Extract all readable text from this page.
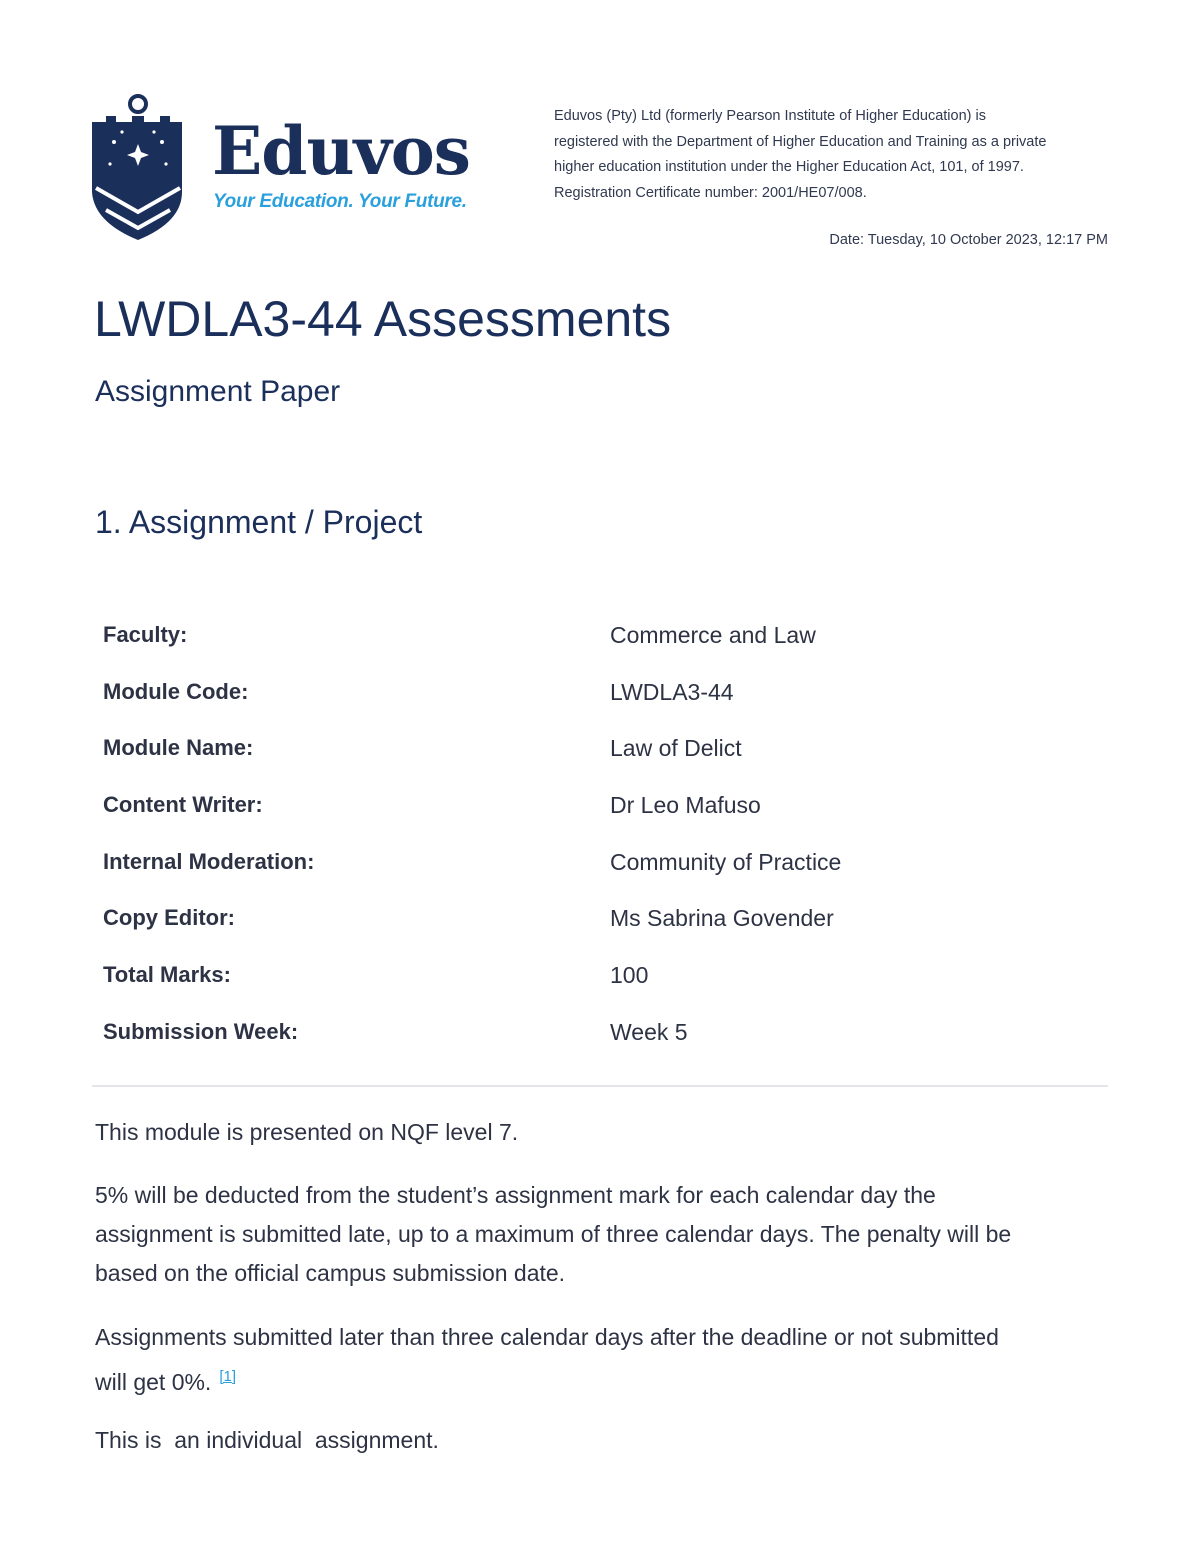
Eduvos
Your Education. Your Future.
Eduvos (Pty) Ltd (formerly Pearson Institute of Higher Education) is
registered with the Department of Higher Education and Training as a private
higher education institution under the Higher Education Act, 101, of 1997.
Registration Certificate number: 2001/HE07/008.
Date: Tuesday, 10 October 2023, 12:17 PM
LWDLA3-44 Assessments
Assignment Paper
1. Assignment / Project
Faculty:	Commerce and Law
Module Code:	LWDLA3-44
Module Name:	Law of Delict
Content Writer:	Dr Leo Mafuso
Internal Moderation:	Community of Practice
Copy Editor:	Ms Sabrina Govender
Total Marks:	100
Submission Week:	Week 5

This module is presented on NQF level 7.

5% will be deducted from the student’s assignment mark for each calendar day the
assignment is submitted late, up to a maximum of three calendar days. The penalty will be
based on the official campus submission date.

Assignments submitted later than three calendar days after the deadline or not submitted
will get 0%. [1]

This is  an individual  assignment.
